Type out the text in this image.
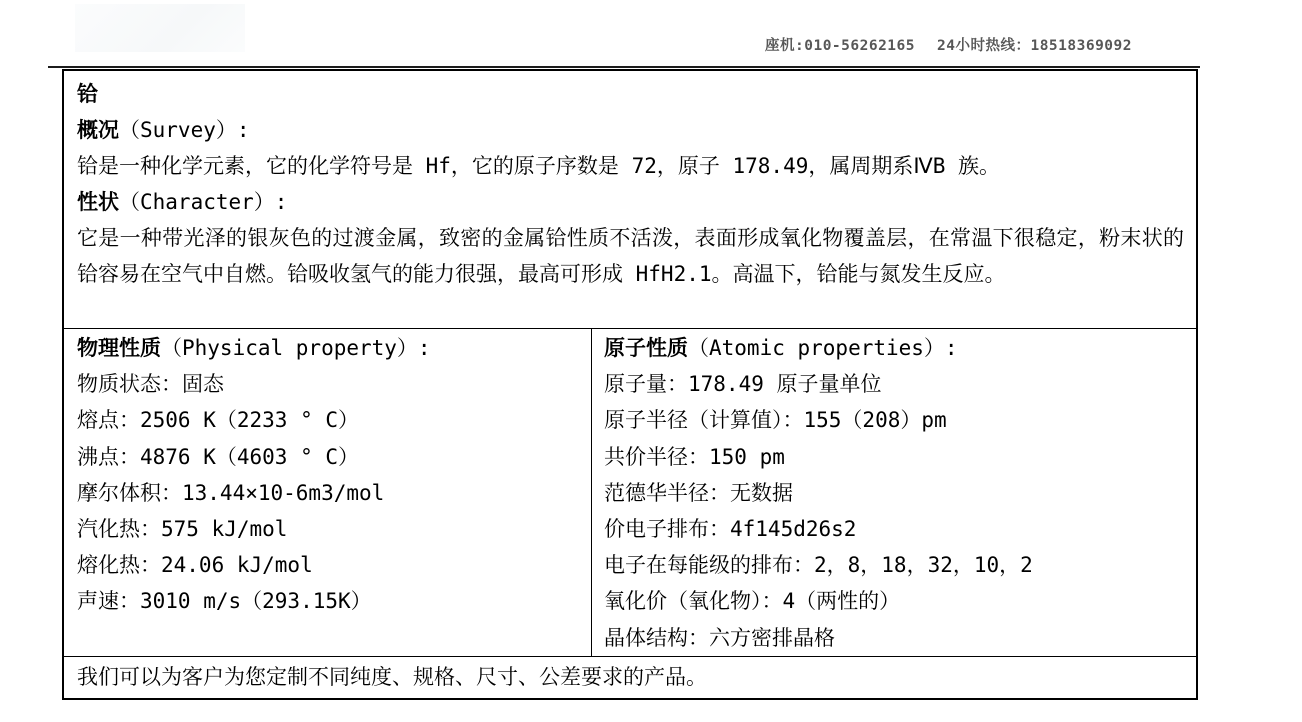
座机:010-56262165 24小时热线：18518369092

铪

概况（Survey）:

铪是一种化学元素，它的化学符号是 Hf，它的原子序数是 72，原子 178.49，属周期系ⅣB 族。

性状（Character）:

它是一种带光泽的银灰色的过渡金属，致密的金属铪性质不活泼，表面形成氧化物覆盖层，在常温下很稳定，粉末状的铪容易在空气中自燃。铪吸收氢气的能力很强，最高可形成 HfH2.1。高温下，铪能与氮发生反应。

物理性质（Physical property）:

物质状态：固态

熔点：2506 K（2233 ° C）

沸点：4876 K（4603 ° C）

摩尔体积：13.44×10-6m3/mol

汽化热：575 kJ/mol

熔化热：24.06 kJ/mol

声速：3010 m/s（293.15K）

原子性质（Atomic properties）:

原子量：178.49 原子量单位

原子半径（计算值）：155（208）pm

共价半径：150 pm

范德华半径：无数据

价电子排布：4f145d26s2

电子在每能级的排布：2，8，18，32，10，2

氧化价（氧化物）：4（两性的）

晶体结构：六方密排晶格

我们可以为客户为您定制不同纯度、规格、尺寸、公差要求的产品。
